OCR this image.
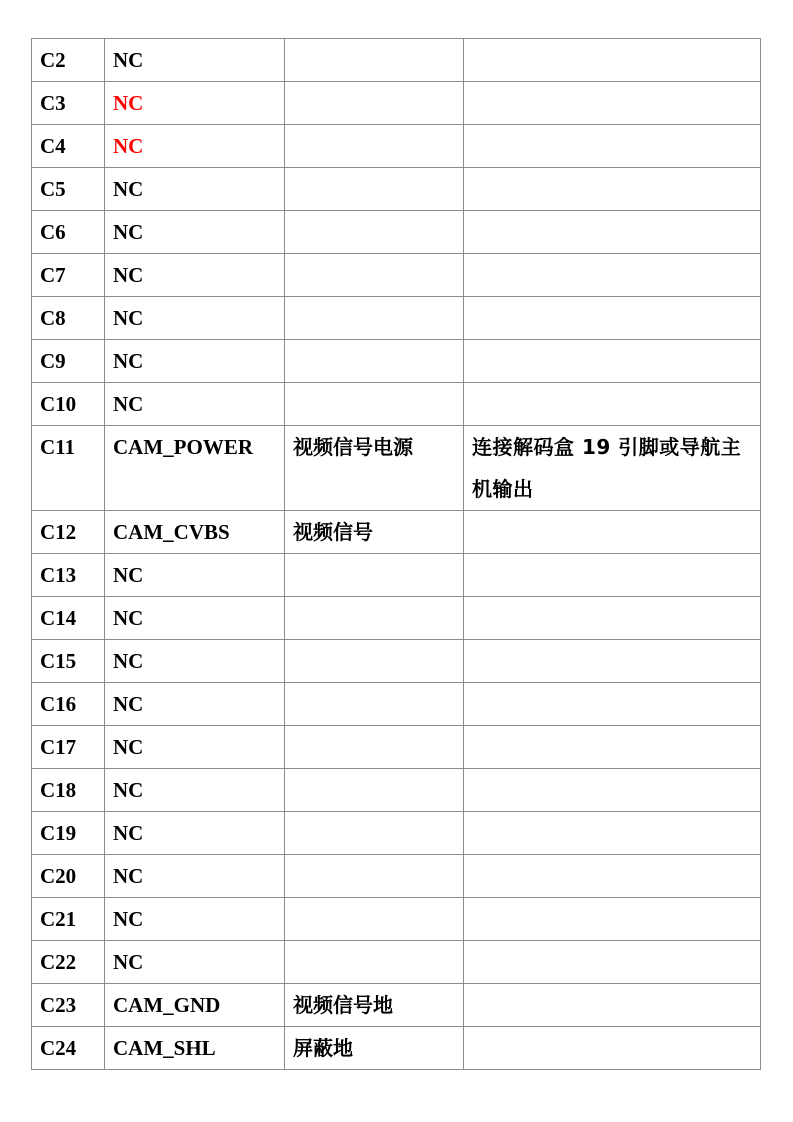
C2	NC		
C3	NC		
C4	NC		
C5	NC		
C6	NC		
C7	NC		
C8	NC		
C9	NC		
C10	NC		
C11	CAM_POWER	视频信号电源	连接解码盒 19 引脚或导航主机输出
C12	CAM_CVBS	视频信号	
C13	NC		
C14	NC		
C15	NC		
C16	NC		
C17	NC		
C18	NC		
C19	NC		
C20	NC		
C21	NC		
C22	NC		
C23	CAM_GND	视频信号地	
C24	CAM_SHL	屏蔽地	
